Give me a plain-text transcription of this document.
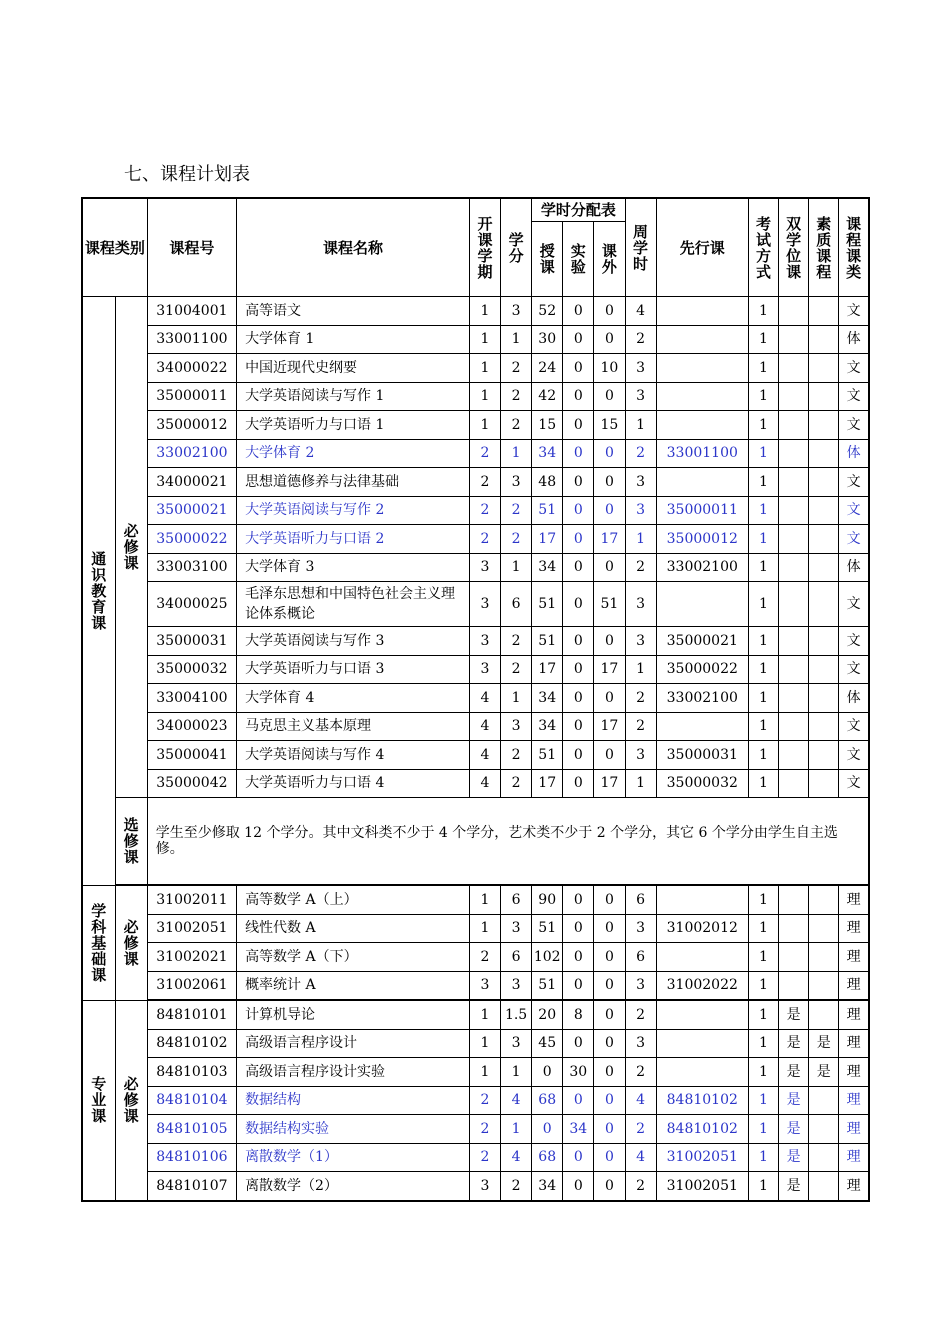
七、课程计划表
课程类别		课程号	课程名称	开课学期	学分	学时分配表			周学时	先行课	考试方式	双学位课	素质课程	课程课类
						授课	实验	课外						
通识教育课	必修课	31004001	高等语文	1	3	52	0	0	4		1			文
		33001100	大学体育 1	1	1	30	0	0	2		1			体
		34000022	中国近现代史纲要	1	2	24	0	10	3		1			文
		35000011	大学英语阅读与写作 1	1	2	42	0	0	3		1			文
		35000012	大学英语听力与口语 1	1	2	15	0	15	1		1			文
		33002100	大学体育 2	2	1	34	0	0	2	33001100	1			体
		34000021	思想道德修养与法律基础	2	3	48	0	0	3		1			文
		35000021	大学英语阅读与写作 2	2	2	51	0	0	3	35000011	1			文
		35000022	大学英语听力与口语 2	2	2	17	0	17	1	35000012	1			文
		33003100	大学体育 3	3	1	34	0	0	2	33002100	1			体
		34000025	毛泽东思想和中国特色社会主义理论体系概论	3	6	51	0	51	3		1			文
		35000031	大学英语阅读与写作 3	3	2	51	0	0	3	35000021	1			文
		35000032	大学英语听力与口语 3	3	2	17	0	17	1	35000022	1			文
		33004100	大学体育 4	4	1	34	0	0	2	33002100	1			体
		34000023	马克思主义基本原理	4	3	34	0	17	2		1			文
		35000041	大学英语阅读与写作 4	4	2	51	0	0	3	35000031	1			文
		35000042	大学英语听力与口语 4	4	2	17	0	17	1	35000032	1			文
	选修课	学生至少修取 12 个学分。其中文科类不少于 4 个学分，艺术类不少于 2 个学分，其它 6 个学分由学生自主选修。												
学科基础课	必修课	31002011	高等数学 A（上）	1	6	90	0	0	6		1			理
		31002051	线性代数 A	1	3	51	0	0	3	31002012	1			理
		31002021	高等数学 A（下）	2	6	102	0	0	6		1			理
		31002061	概率统计 A	3	3	51	0	0	3	31002022	1			理
专业课	必修课	84810101	计算机导论	1	1.5	20	8	0	2		1	是		理
		84810102	高级语言程序设计	1	3	45	0	0	3		1	是	是	理
		84810103	高级语言程序设计实验	1	1	0	30	0	2		1	是	是	理
		84810104	数据结构	2	4	68	0	0	4	84810102	1	是		理
		84810105	数据结构实验	2	1	0	34	0	2	84810102	1	是		理
		84810106	离散数学（1）	2	4	68	0	0	4	31002051	1	是		理
		84810107	离散数学（2）	3	2	34	0	0	2	31002051	1	是		理
